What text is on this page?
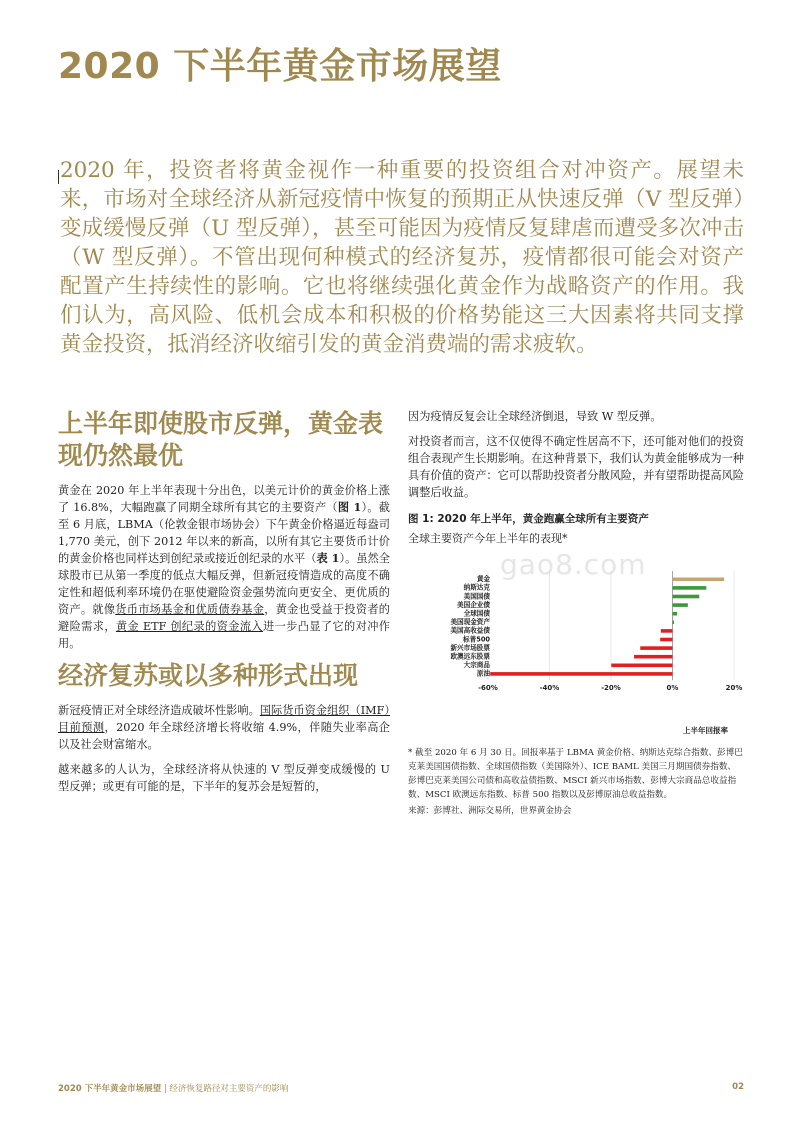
2020 下半年黄金市场展望
2020 年，投资者将黄金视作一种重要的投资组合对冲资产。展望未来，市场对全球经济从新冠疫情中恢复的预期正从快速反弹（V 型反弹）变成缓慢反弹（U 型反弹），甚至可能因为疫情反复肆虐而遭受多次冲击（W 型反弹）。不管出现何种模式的经济复苏，疫情都很可能会对资产配置产生持续性的影响。它也将继续强化黄金作为战略资产的作用。我们认为，高风险、低机会成本和积极的价格势能这三大因素将共同支撑黄金投资，抵消经济收缩引发的黄金消费端的需求疲软。
上半年即使股市反弹，黄金表现仍然最优

黄金在 2020 年上半年表现十分出色，以美元计价的黄金价格上涨了 16.8%，大幅跑赢了同期全球所有其它的主要资产（图 1）。截至 6 月底，LBMA（伦敦金银市场协会）下午黄金价格逼近每盎司 1,770 美元，创下 2012 年以来的新高，以所有其它主要货币计价的黄金价格也同样达到创纪录或接近创纪录的水平（表 1）。虽然全球股市已从第一季度的低点大幅反弹，但新冠疫情造成的高度不确定性和超低利率环境仍在驱使避险资金强势流向更安全、更优质的资产。就像货币市场基金和优质债券基金，黄金也受益于投资者的避险需求，黄金 ETF 创纪录的资金流入进一步凸显了它的对冲作用。

经济复苏或以多种形式出现

新冠疫情正对全球经济造成破坏性影响。国际货币资金组织（IMF）目前预测，2020 年全球经济增长将收缩 4.9%，伴随失业率高企以及社会财富缩水。

越来越多的人认为，全球经济将从快速的 V 型反弹变成缓慢的 U 型反弹；或更有可能的是，下半年的复苏会是短暂的，

因为疫情反复会让全球经济倒退，导致 W 型反弹。

对投资者而言，这不仅使得不确定性居高不下，还可能对他们的投资组合表现产生长期影响。在这种背景下，我们认为黄金能够成为一种具有价值的资产：它可以帮助投资者分散风险，并有望帮助提高风险调整后收益。

图 1: 2020 年上半年，黄金跑赢全球所有主要资产
全球主要资产今年上半年的表现*
gao8.com
黄金
纳斯达克
美国国债
美国企业债
全球国债
美国现金资产
美国高收益债
标普500
新兴市场股票
欧澳远东股票
大宗商品
原油
-60%	-40%	-20%	0%	20%
上半年回报率
* 截至 2020 年 6 月 30 日。回报率基于 LBMA 黄金价格、纳斯达克综合指数、彭博巴克莱美国国债指数、全球国债指数（美国除外）、ICE BAML 美国三月期国债券指数、彭博巴克莱美国公司债和高收益债指数、MSCI 新兴市场指数、彭博大宗商品总收益指数、MSCI 欧澳远东指数、标普 500 指数以及彭博原油总收益指数。
来源：彭博社、洲际交易所，世界黄金协会
2020 下半年黄金市场展望 | 经济恢复路径对主要资产的影响	02
